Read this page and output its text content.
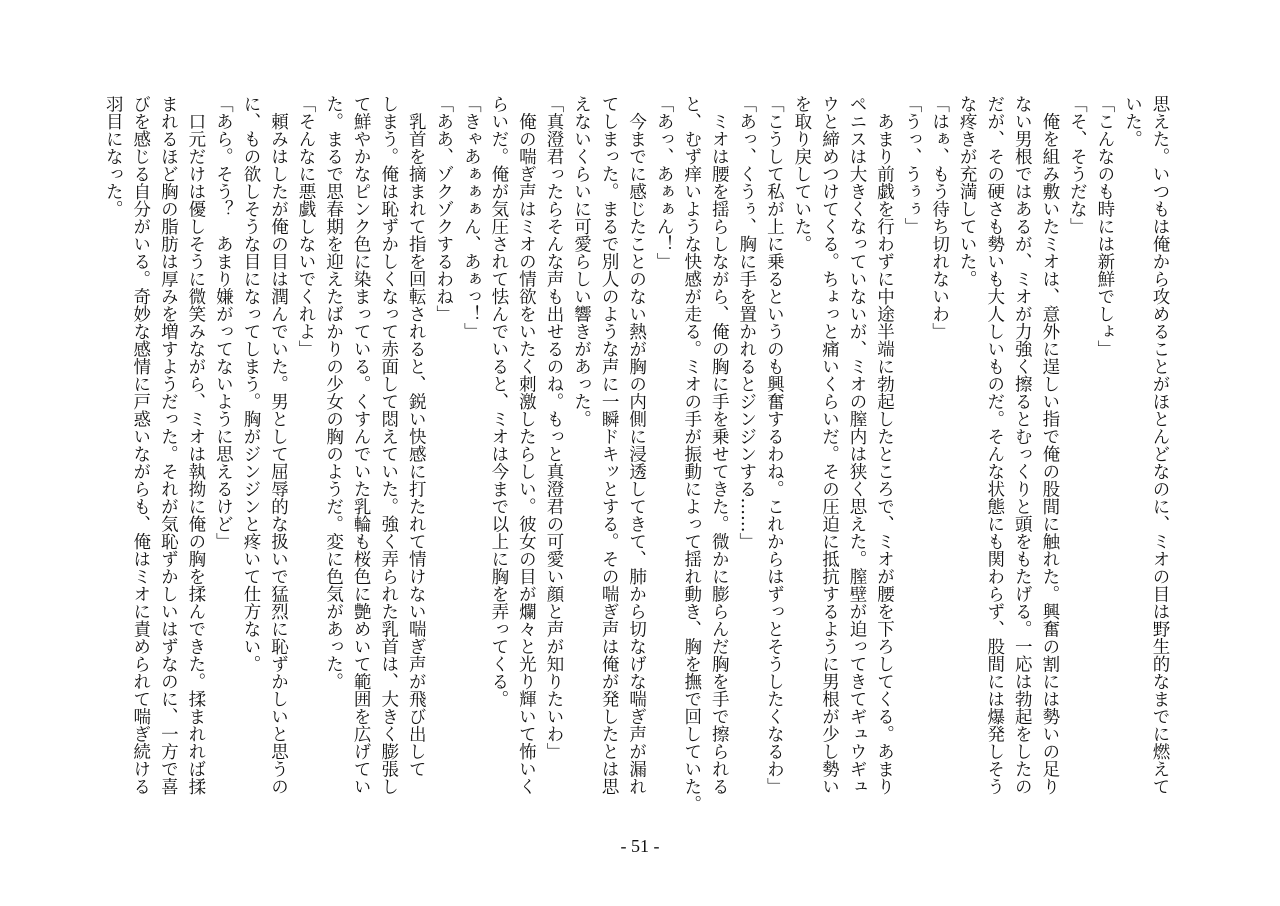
思えた。いつもは俺から攻めることがほとんどなのに、ミオの目は野生的なまでに燃えて
いた。
「こんなのも時には新鮮でしょ」
「そ、そうだな」
　俺を組み敷いたミオは、意外に逞しい指で俺の股間に触れた。興奮の割には勢いの足り
ない男根ではあるが、ミオが力強く擦るとむっくりと頭をもたげる。一応は勃起をしたの
だが、その硬さも勢いも大人しいものだ。そんな状態にも関わらず、股間には爆発しそう
な疼きが充満していた。
「はぁ、もう待ち切れないわ」
「うっ、うぅぅ」
　あまり前戯を行わずに中途半端に勃起したところで、ミオが腰を下ろしてくる。あまり
ペニスは大きくなっていないが、ミオの膣内は狭く思えた。膣壁が迫ってきてギュウギュ
ウと締めつけてくる。ちょっと痛いくらいだ。その圧迫に抵抗するように男根が少し勢い
を取り戻していた。
「こうして私が上に乗るというのも興奮するわね。これからはずっとそうしたくなるわ」
「あっ、くうぅ、胸に手を置かれるとジンジンする……」
　ミオは腰を揺らしながら、俺の胸に手を乗せてきた。微かに膨らんだ胸を手で擦られる
と、むず痒いような快感が走る。ミオの手が振動によって揺れ動き、胸を撫で回していた。
「あっ、あぁぁん！」
　今までに感じたことのない熱が胸の内側に浸透してきて、肺から切なげな喘ぎ声が漏れ
てしまった。まるで別人のような声に一瞬ドキッとする。その喘ぎ声は俺が発したとは思
えないくらいに可愛らしい響きがあった。
「真澄君ったらそんな声も出せるのね。もっと真澄君の可愛い顔と声が知りたいわ」
　俺の喘ぎ声はミオの情欲をいたく刺激したらしい。彼女の目が爛々と光り輝いて怖いく
らいだ。俺が気圧されて怯んでいると、ミオは今まで以上に胸を弄ってくる。
「きゃあぁぁぁん、あぁっ！」
「ああ、ゾクゾクするわね」
　乳首を摘まれて指を回転されると、鋭い快感に打たれて情けない喘ぎ声が飛び出して
しまう。俺は恥ずかしくなって赤面して悶えていた。強く弄られた乳首は、大きく膨張し
て鮮やかなピンク色に染まっている。くすんでいた乳輪も桜色に艶めいて範囲を広げてい
た。まるで思春期を迎えたばかりの少女の胸のようだ。変に色気があった。
「そんなに悪戯しないでくれよ」
　頼みはしたが俺の目は潤んでいた。男として屈辱的な扱いで猛烈に恥ずかしいと思うの
に、もの欲しそうな目になってしまう。胸がジンジンと疼いて仕方ない。
「あら。そう？　あまり嫌がってないように思えるけど」
　口元だけは優しそうに微笑みながら、ミオは執拗に俺の胸を揉んできた。揉まれれば揉
まれるほど胸の脂肪は厚みを増すようだった。それが気恥ずかしいはずなのに、一方で喜
びを感じる自分がいる。奇妙な感情に戸惑いながらも、俺はミオに責められて喘ぎ続ける
羽目になった。
- 51 -
